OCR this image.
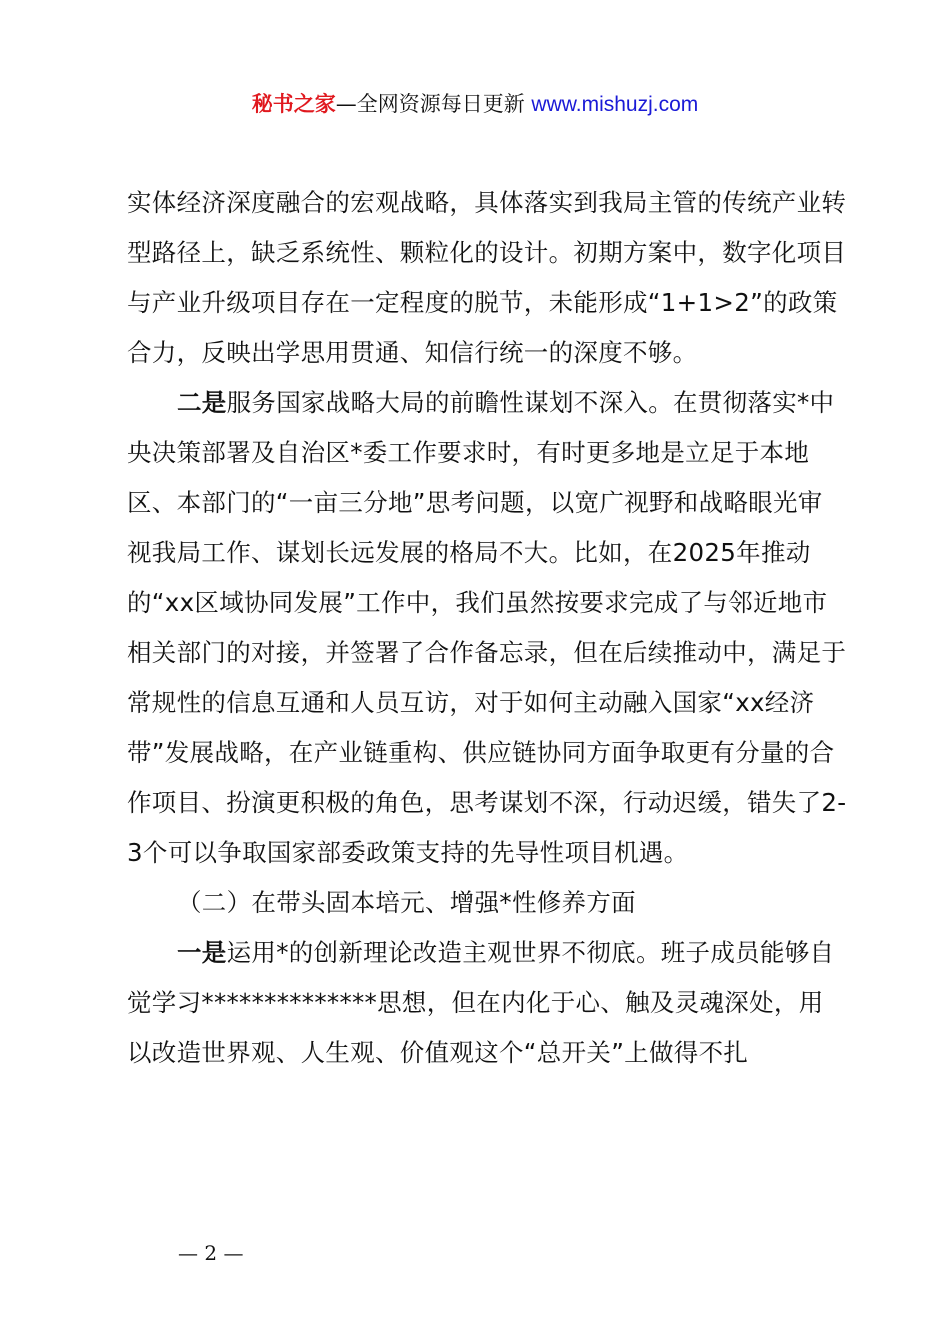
秘书之家—全网资源每日更新 www.mishuzj.com

实体经济深度融合的宏观战略，具体落实到我局主管的传统产业转型路径上，缺乏系统性、颗粒化的设计。初期方案中，数字化项目与产业升级项目存在一定程度的脱节，未能形成“1+1>2”的政策合力，反映出学思用贯通、知信行统一的深度不够。

二是服务国家战略大局的前瞻性谋划不深入。在贯彻落实*中央决策部署及自治区*委工作要求时，有时更多地是立足于本地区、本部门的“一亩三分地”思考问题，以宽广视野和战略眼光审视我局工作、谋划长远发展的格局不大。比如，在2025年推动的“xx区域协同发展”工作中，我们虽然按要求完成了与邻近地市相关部门的对接，并签署了合作备忘录，但在后续推动中，满足于常规性的信息互通和人员互访，对于如何主动融入国家“xx经济带”发展战略，在产业链重构、供应链协同方面争取更有分量的合作项目、扮演更积极的角色，思考谋划不深，行动迟缓，错失了2-3个可以争取国家部委政策支持的先导性项目机遇。

（二）在带头固本培元、增强*性修养方面

一是运用*的创新理论改造主观世界不彻底。班子成员能够自觉学习**************思想，但在内化于心、触及灵魂深处，用以改造世界观、人生观、价值观这个“总开关”上做得不扎

— 2 —
